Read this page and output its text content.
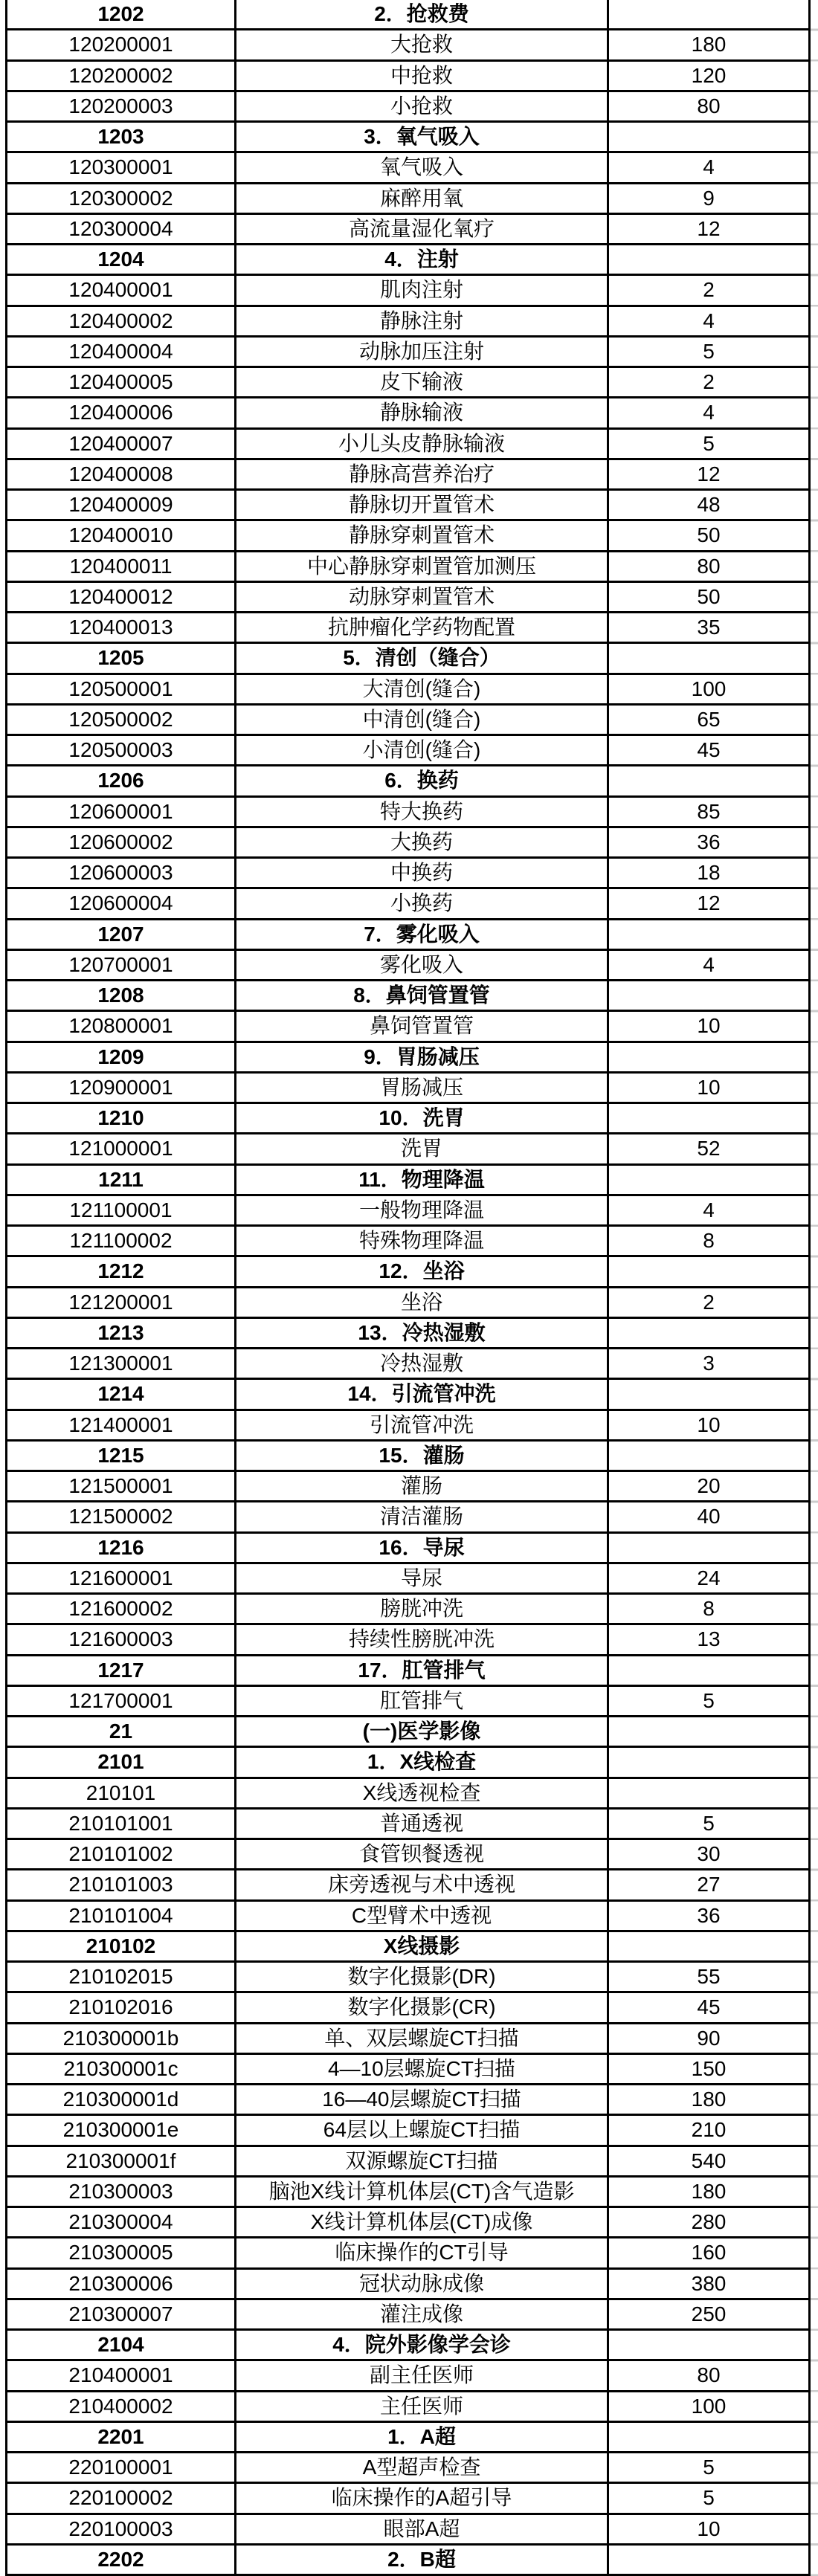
1202	2．抢救费
120200001	大抢救	180
120200002	中抢救	120
120200003	小抢救	80
1203	3．氧气吸入
120300001	氧气吸入	4
120300002	麻醉用氧	9
120300004	高流量湿化氧疗	12
1204	4．注射
120400001	肌肉注射	2
120400002	静脉注射	4
120400004	动脉加压注射	5
120400005	皮下输液	2
120400006	静脉输液	4
120400007	小儿头皮静脉输液	5
120400008	静脉高营养治疗	12
120400009	静脉切开置管术	48
120400010	静脉穿刺置管术	50
120400011	中心静脉穿刺置管加测压	80
120400012	动脉穿刺置管术	50
120400013	抗肿瘤化学药物配置	35
1205	5．清创（缝合）
120500001	大清创(缝合)	100
120500002	中清创(缝合)	65
120500003	小清创(缝合)	45
1206	6．换药
120600001	特大换药	85
120600002	大换药	36
120600003	中换药	18
120600004	小换药	12
1207	7．雾化吸入
120700001	雾化吸入	4
1208	8．鼻饲管置管
120800001	鼻饲管置管	10
1209	9．胃肠减压
120900001	胃肠减压	10
1210	10．洗胃
121000001	洗胃	52
1211	11．物理降温
121100001	一般物理降温	4
121100002	特殊物理降温	8
1212	12．坐浴
121200001	坐浴	2
1213	13．冷热湿敷
121300001	冷热湿敷	3
1214	14．引流管冲洗
121400001	引流管冲洗	10
1215	15．灌肠
121500001	灌肠	20
121500002	清洁灌肠	40
1216	16．导尿
121600001	导尿	24
121600002	膀胱冲洗	8
121600003	持续性膀胱冲洗	13
1217	17．肛管排气
121700001	肛管排气	5
21	(一)医学影像
2101	1．X线检查
210101	X线透视检查
210101001	普通透视	5
210101002	食管钡餐透视	30
210101003	床旁透视与术中透视	27
210101004	C型臂术中透视	36
210102	X线摄影
210102015	数字化摄影(DR)	55
210102016	数字化摄影(CR)	45
210300001b	单、双层螺旋CT扫描	90
210300001c	4—10层螺旋CT扫描	150
210300001d	16—40层螺旋CT扫描	180
210300001e	64层以上螺旋CT扫描	210
210300001f	双源螺旋CT扫描	540
210300003	脑池X线计算机体层(CT)含气造影	180
210300004	X线计算机体层(CT)成像	280
210300005	临床操作的CT引导	160
210300006	冠状动脉成像	380
210300007	灌注成像	250
2104	4．院外影像学会诊
210400001	副主任医师	80
210400002	主任医师	100
2201	1．A超
220100001	A型超声检查	5
220100002	临床操作的A超引导	5
220100003	眼部A超	10
2202	2．B超
